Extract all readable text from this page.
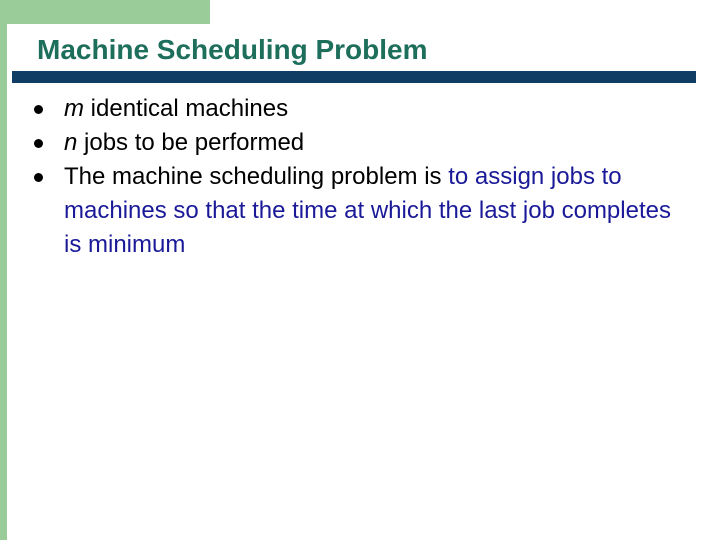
Machine Scheduling Problem
m identical machines
n jobs to be performed
The machine scheduling problem is to assign jobs to machines so that the time at which the last job completes is minimum
